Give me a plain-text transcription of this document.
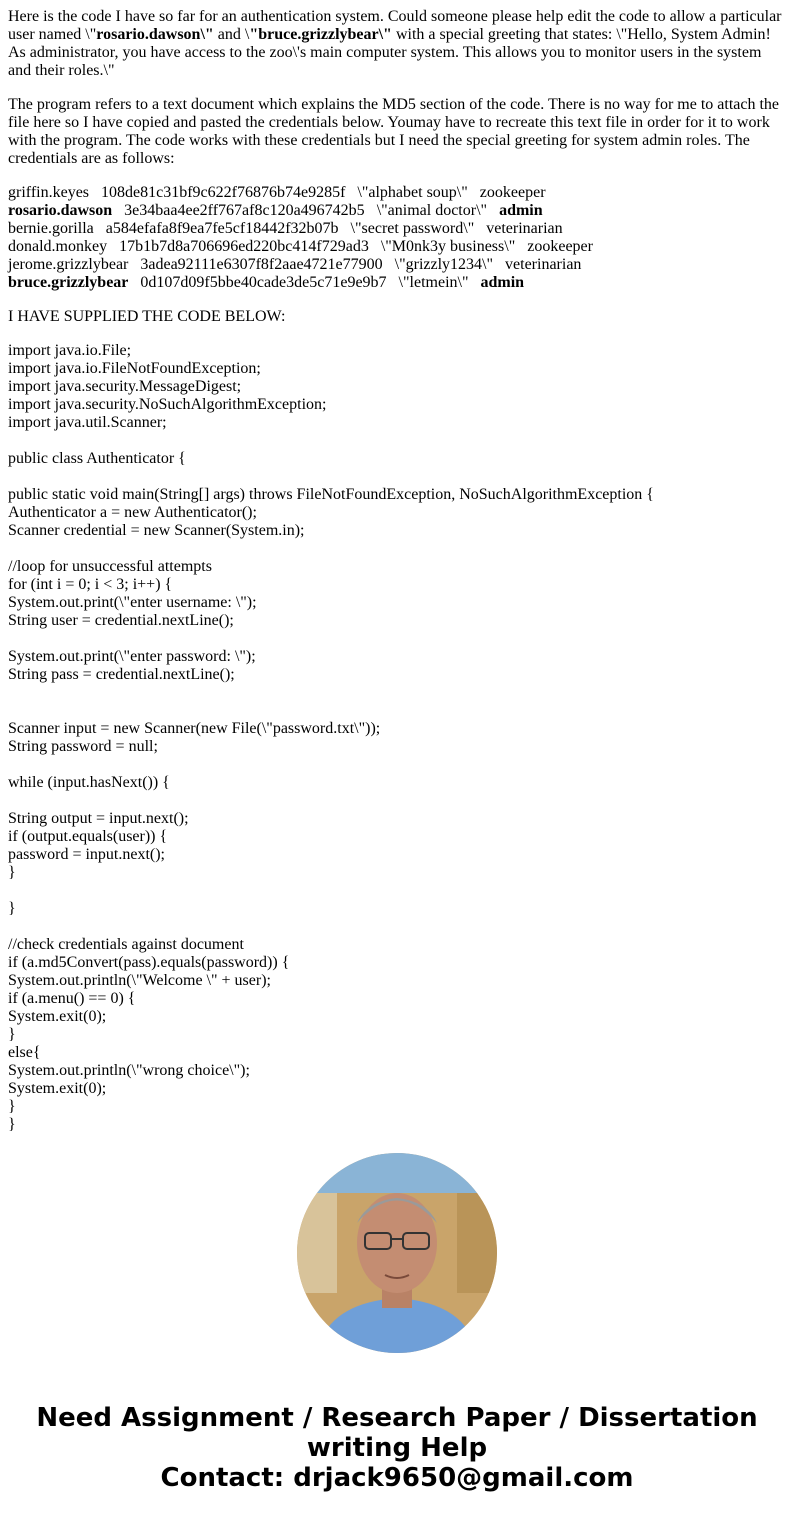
Here is the code I have so far for an authentication system. Could someone please help edit the code to allow a particular user named \"rosario.dawson\" and \"bruce.grizzlybear\" with a special greeting that states: \"Hello, System Admin! As administrator, you have access to the zoo\'s main computer system. This allows you to monitor users in the system and their roles.\"

The program refers to a text document which explains the MD5 section of the code. There is no way for me to attach the file here so I have copied and pasted the credentials below. Youmay have to recreate this text file in order for it to work with the program. The code works with these credentials but I need the special greeting for system admin roles. The credentials are as follows:

griffin.keyes 108de81c31bf9c622f76876b74e9285f \"alphabet soup\" zookeeper
rosario.dawson 3e34baa4ee2ff767af8c120a496742b5 \"animal doctor\" admin
bernie.gorilla a584efafa8f9ea7fe5cf18442f32b07b \"secret password\" veterinarian
donald.monkey 17b1b7d8a706696ed220bc414f729ad3 \"M0nk3y business\" zookeeper
jerome.grizzlybear 3adea92111e6307f8f2aae4721e77900 \"grizzly1234\" veterinarian
bruce.grizzlybear 0d107d09f5bbe40cade3de5c71e9e9b7 \"letmein\" admin

I HAVE SUPPLIED THE CODE BELOW:

import java.io.File;
import java.io.FileNotFoundException;
import java.security.MessageDigest;
import java.security.NoSuchAlgorithmException;
import java.util.Scanner;
public class Authenticator {
public static void main(String[] args) throws FileNotFoundException, NoSuchAlgorithmException {
Authenticator a = new Authenticator();
Scanner credential = new Scanner(System.in);
//loop for unsuccessful attempts
for (int i = 0; i < 3; i++) {
System.out.print(\"enter username: \");
String user = credential.nextLine();
System.out.print(\"enter password: \");
String pass = credential.nextLine();
Scanner input = new Scanner(new File(\"password.txt\"));
String password = null;
while (input.hasNext()) {
String output = input.next();
if (output.equals(user)) {
password = input.next();
}
}
//check credentials against document
if (a.md5Convert(pass).equals(password)) {
System.out.println(\"Welcome \" + user);
if (a.menu() == 0) {
System.exit(0);
}
else{
System.out.println(\"wrong choice\");
System.exit(0);
}
}
Need Assignment / Research Paper / Dissertation
writing Help
Contact: drjack9650@gmail.com
